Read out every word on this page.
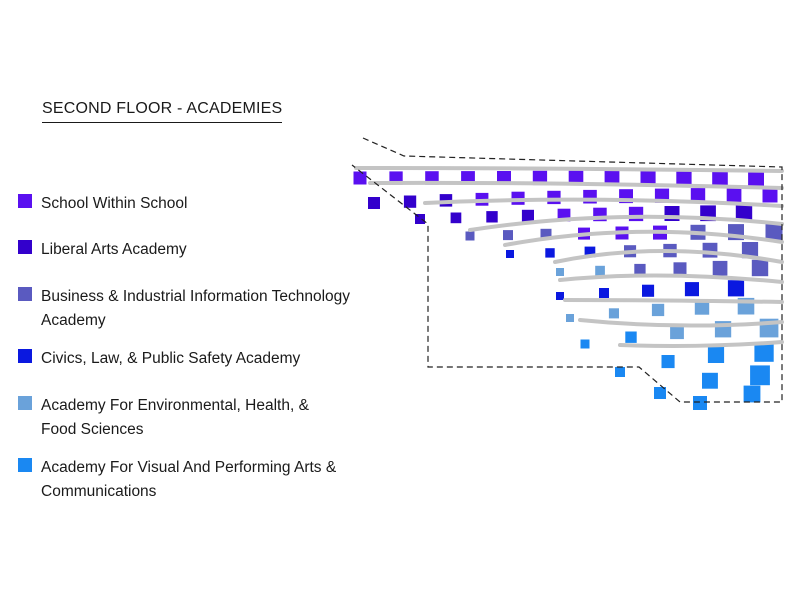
SECOND FLOOR - ACADEMIES
School Within School
Liberal Arts Academy
Business & Industrial Information Technology
Academy
Civics, Law, & Public Safety Academy
Academy For Environmental, Health, &
Food Sciences
Academy For Visual And Performing Arts &
Communications
